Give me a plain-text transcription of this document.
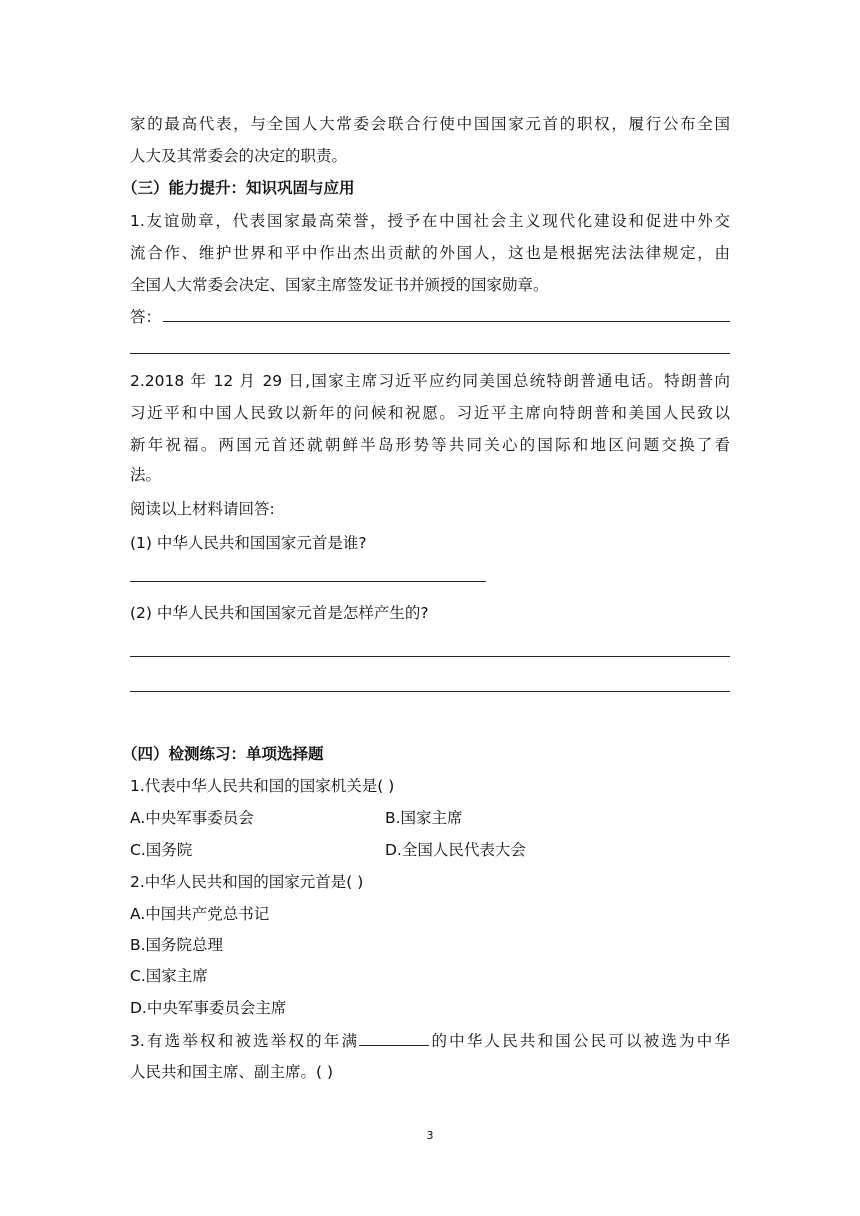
家的最高代表，与全国人大常委会联合行使中国国家元首的职权，履行公布全国
人大及其常委会的决定的职责。
（三）能力提升：知识巩固与应用
1.友谊勋章，代表国家最高荣誉，授予在中国社会主义现代化建设和促进中外交
流合作、维护世界和平中作出杰出贡献的外国人，这也是根据宪法法律规定，由
全国人大常委会决定、国家主席签发证书并颁授的国家勋章。
答：
2.2018 年 12 月 29 日,国家主席习近平应约同美国总统特朗普通电话。特朗普向
习近平和中国人民致以新年的问候和祝愿。习近平主席向特朗普和美国人民致以
新年祝福。两国元首还就朝鲜半岛形势等共同关心的国际和地区问题交换了看
法。
阅读以上材料请回答:
(1) 中华人民共和国国家元首是谁?
(2) 中华人民共和国国家元首是怎样产生的?
（四）检测练习：单项选择题
1.代表中华人民共和国的国家机关是( )
A.中央军事委员会	B.国家主席
C.国务院	D.全国人民代表大会
2.中华人民共和国的国家元首是( )
A.中国共产党总书记
B.国务院总理
C.国家主席
D.中央军事委员会主席
3.有选举权和被选举权的年满	的中华人民共和国公民可以被选为中华
人民共和国主席、副主席。( )
3
